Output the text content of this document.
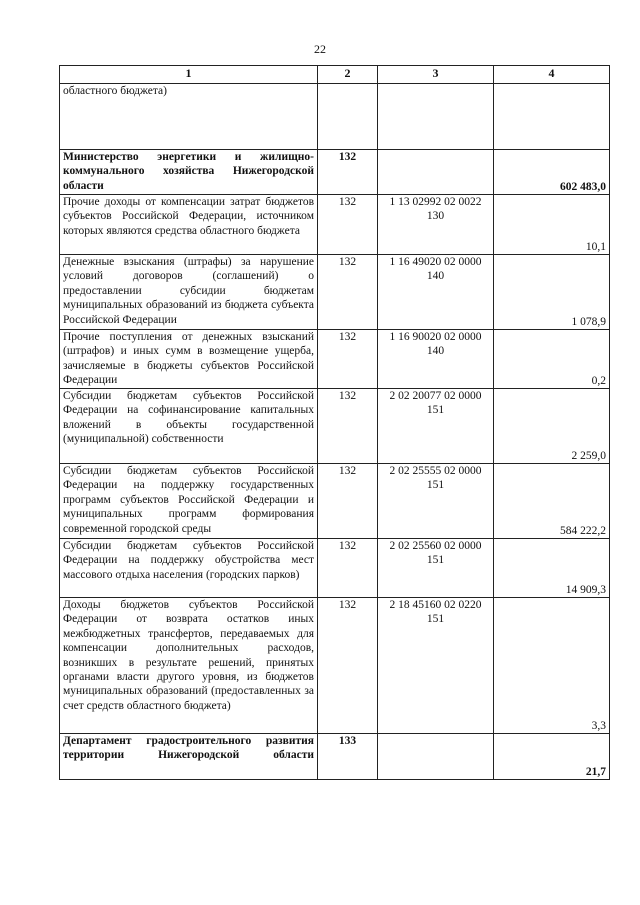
22
1	2	3	4
областного бюджета)			
Министерство энергетики и жилищно-коммунального хозяйства Нижегородской области	132		602 483,0
Прочие доходы от компенсации затрат бюджетов субъектов Российской Федерации, источником которых являются средства областного бюджета	132	1 13 02992 02 0022 130	10,1
Денежные взыскания (штрафы) за нарушение условий договоров (соглашений) о предоставлении субсидии бюджетам муниципальных образований из бюджета субъекта Российской Федерации	132	1 16 49020 02 0000 140	1 078,9
Прочие поступления от денежных взысканий (штрафов) и иных сумм в возмещение ущерба, зачисляемые в бюджеты субъектов Российской Федерации	132	1 16 90020 02 0000 140	0,2
Субсидии бюджетам субъектов Российской Федерации на софинансирование капитальных вложений в объекты государственной (муниципальной) собственности	132	2 02 20077 02 0000 151	2 259,0
Субсидии бюджетам субъектов Российской Федерации на поддержку государственных программ субъектов Российской Федерации и муниципальных программ формирования современной городской среды	132	2 02 25555 02 0000 151	584 222,2
Субсидии бюджетам субъектов Российской Федерации на поддержку обустройства мест массового отдыха населения (городских парков)	132	2 02 25560 02 0000 151	14 909,3
Доходы бюджетов субъектов Российской Федерации от возврата остатков иных межбюджетных трансфертов, передаваемых для компенсации дополнительных расходов, возникших в результате решений, принятых органами власти другого уровня, из бюджетов муниципальных образований (предоставленных за счет средств областного бюджета)	132	2 18 45160 02 0220 151	3,3
Департамент градостроительного развития территории Нижегородской области	133		21,7
